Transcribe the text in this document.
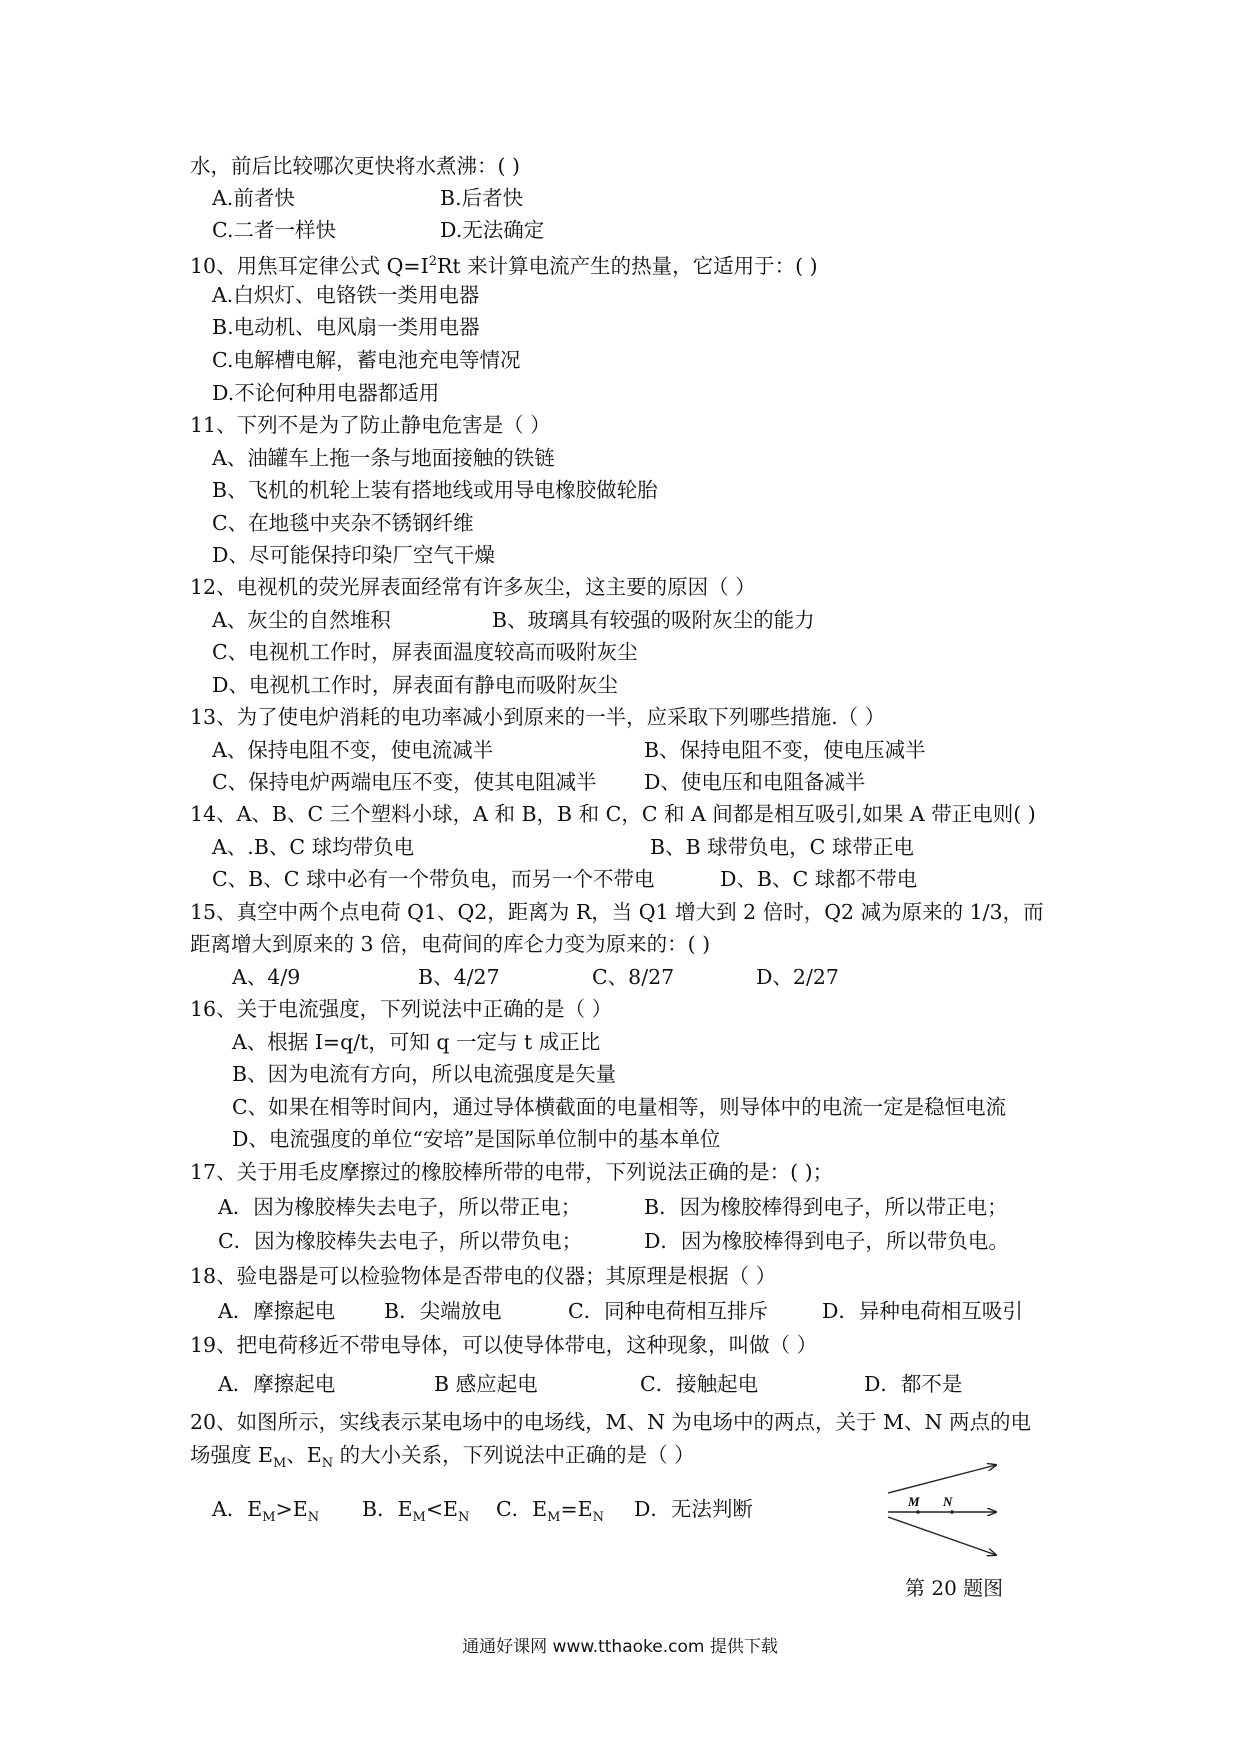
水，前后比较哪次更快将水煮沸：( )
A.前者快	B.后者快
C.二者一样快	D.无法确定
10、用焦耳定律公式 $Q=I^2Rt$ 来计算电流产生的热量，它适用于：( )
A.白炽灯、电铬铁一类用电器
B.电动机、电风扇一类用电器
C.电解槽电解，蓄电池充电等情况
D.不论何种用电器都适用
11、下列不是为了防止静电危害是（ ）
A、油罐车上拖一条与地面接触的铁链
B、飞机的机轮上装有搭地线或用导电橡胶做轮胎
C、在地毯中夹杂不锈钢纤维
D、尽可能保持印染厂空气干燥
12、电视机的荧光屏表面经常有许多灰尘，这主要的原因（ ）
A、灰尘的自然堆积	B、玻璃具有较强的吸附灰尘的能力
C、电视机工作时，屏表面温度较高而吸附灰尘
D、电视机工作时，屏表面有静电而吸附灰尘
13、为了使电炉消耗的电功率减小到原来的一半，应采取下列哪些措施.（ ）
A、保持电阻不变，使电流减半	B、保持电阻不变，使电压减半
C、保持电炉两端电压不变，使其电阻减半 D、使电压和电阻备减半
14、A、B、C 三个塑料小球，A 和 B，B 和 C，C 和 A 间都是相互吸引,如果 A 带正电则( )
A、.B、C 球均带负电	B、B 球带负电，C 球带正电
C、B、C 球中必有一个带负电，而另一个不带电	D、B、C 球都不带电
15、真空中两个点电荷 Q1、Q2，距离为 R，当 Q1 增大到 2 倍时，Q2 减为原来的 1/3，而
距离增大到原来的 3 倍，电荷间的库仑力变为原来的：( )
A、4/9	B、4/27	C、8/27	D、2/27
16、关于电流强度，下列说法中正确的是（ ）
A、根据 I=q/t，可知 q 一定与 t 成正比
B、因为电流有方向，所以电流强度是矢量
C、如果在相等时间内，通过导体横截面的电量相等，则导体中的电流一定是稳恒电流
D、电流强度的单位“安培”是国际单位制中的基本单位
17、关于用毛皮摩擦过的橡胶棒所带的电带，下列说法正确的是：( )；
A．因为橡胶棒失去电子，所以带正电；	B．因为橡胶棒得到电子，所以带正电；
C．因为橡胶棒失去电子，所以带负电；	D．因为橡胶棒得到电子，所以带负电。
18、验电器是可以检验物体是否带电的仪器；其原理是根据（ ）
A．摩擦起电 B．尖端放电	C．同种电荷相互排斥	D．异种电荷相互吸引
19、把电荷移近不带电导体，可以使导体带电，这种现象，叫做（ ）
A．摩擦起电	B 感应起电	C．接触起电	D．都不是
20、如图所示，实线表示某电场中的电场线，M、N 为电场中的两点，关于 M、N 两点的电
场强度 $E_M$、$E_N$ 的大小关系，下列说法中正确的是（ ）
A．$E_M>E_N$ B．$E_M<E_N$ C．$E_M=E_N$ D．无法判断	M N
第 20 题图
通通好课网 www.tthaoke.com 提供下载
